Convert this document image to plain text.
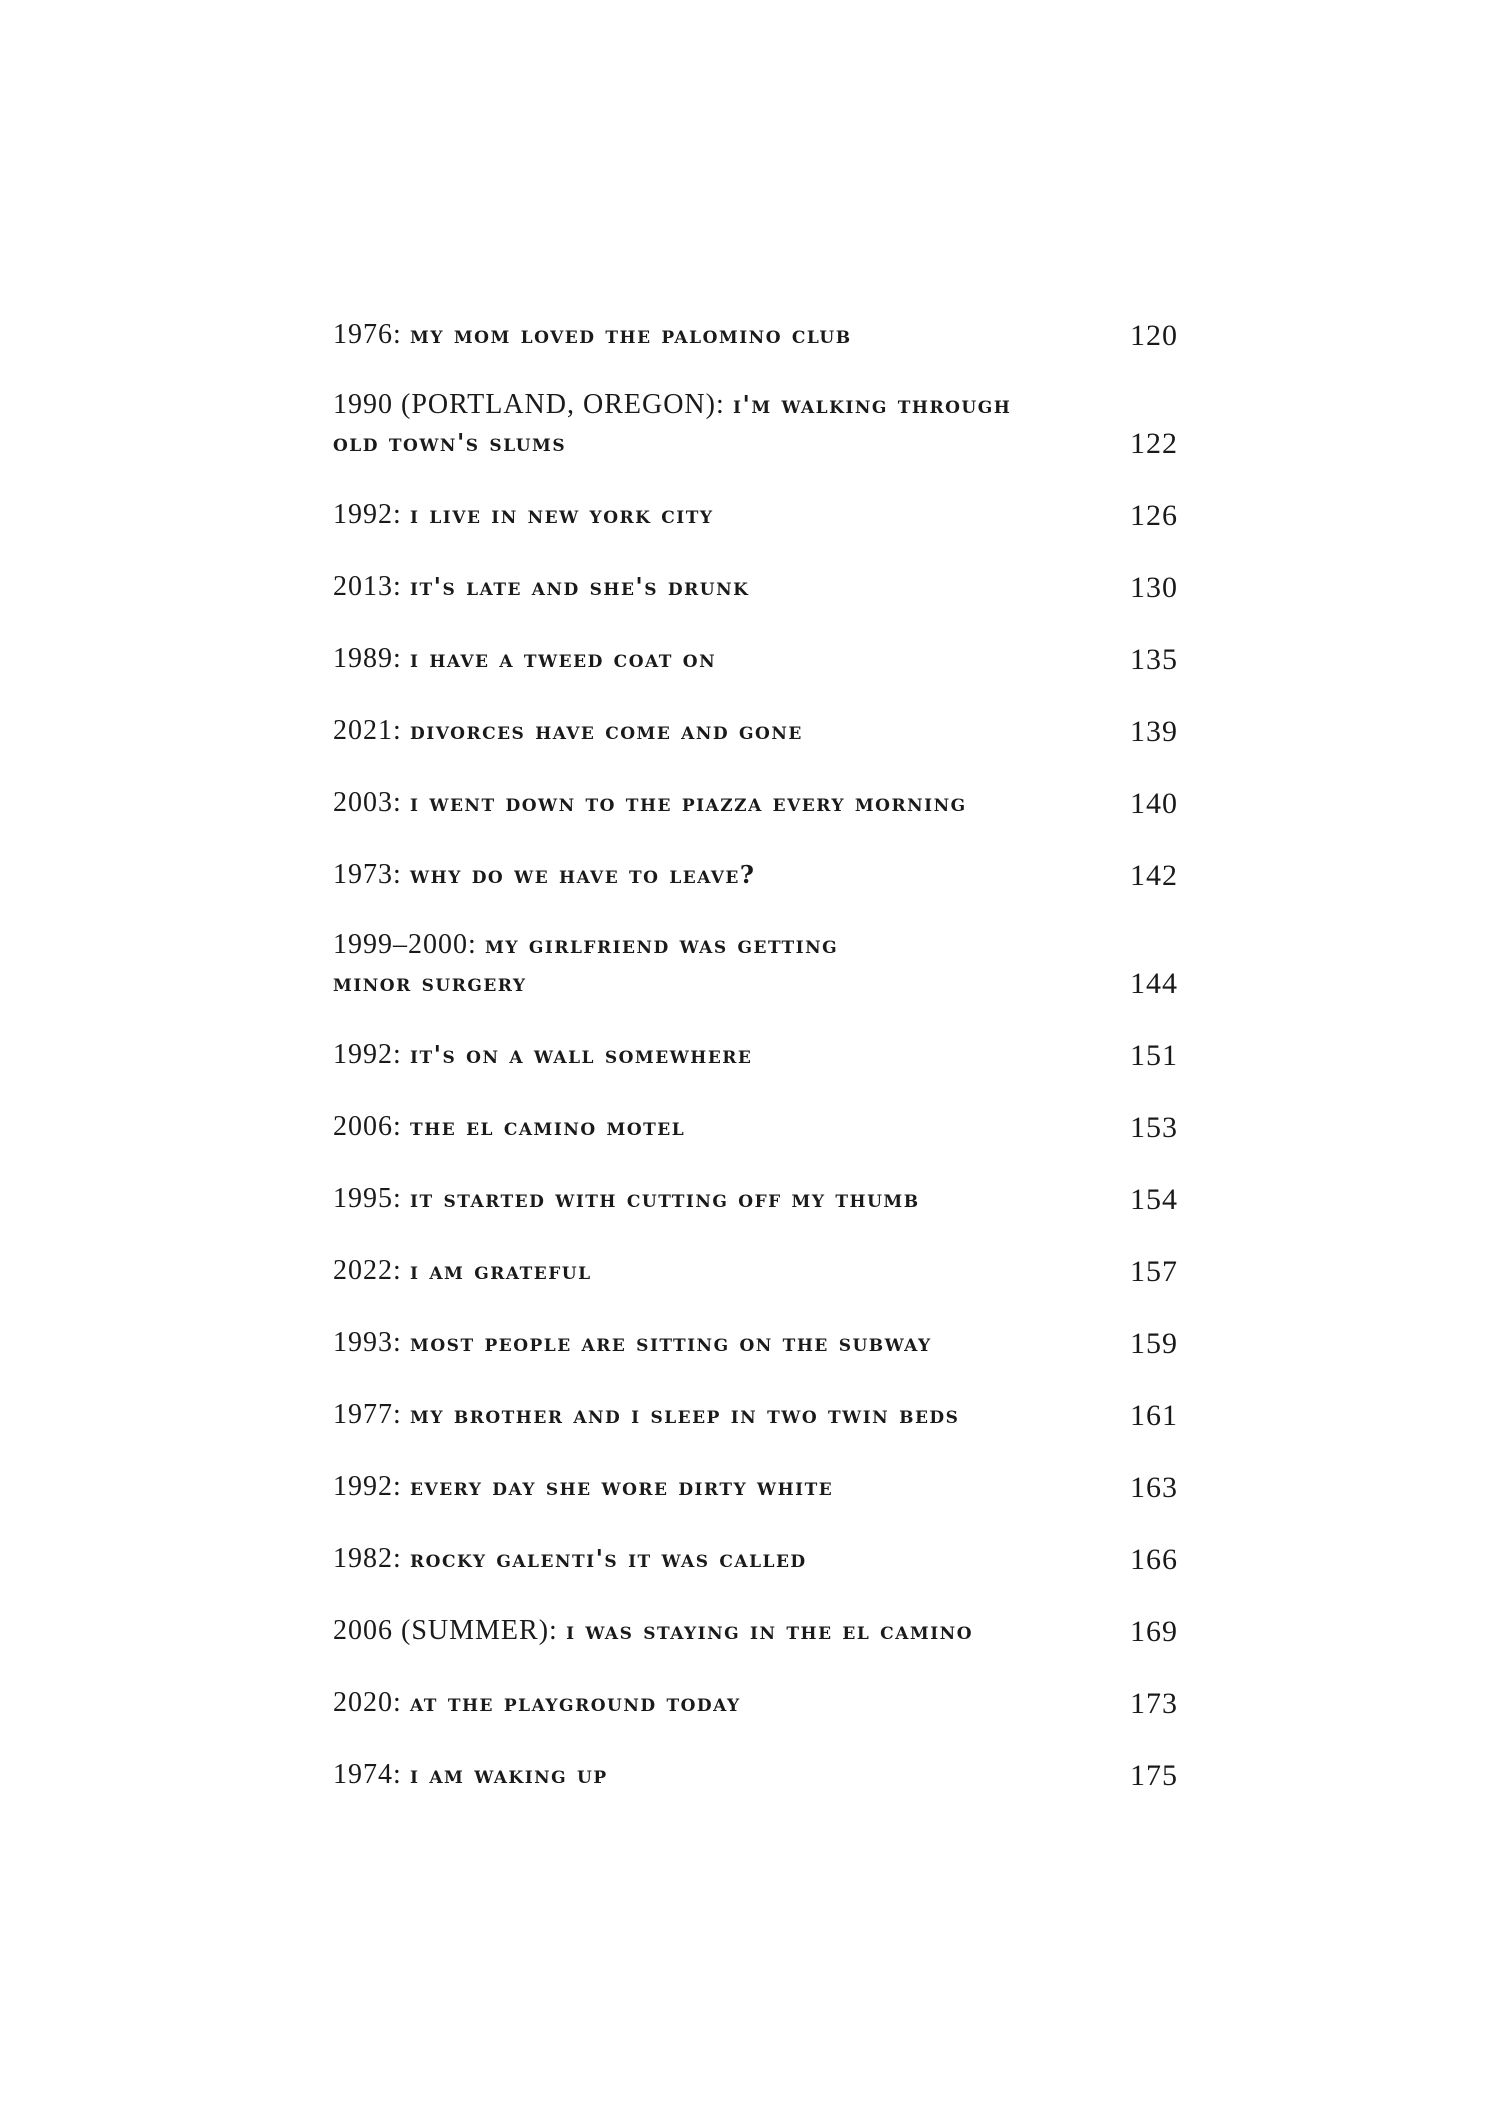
1976: my mom loved the palomino club	120
1990 (PORTLAND, OREGON): i'm walking through
old town's slums	122
1992: i live in new york city	126
2013: it's late and she's drunk	130
1989: i have a tweed coat on	135
2021: divorces have come and gone	139
2003: i went down to the piazza every morning	140
1973: why do we have to leave?	142
1999–2000: my girlfriend was getting
minor surgery	144
1992: it's on a wall somewhere	151
2006: the el camino motel	153
1995: it started with cutting off my thumb	154
2022: i am grateful	157
1993: most people are sitting on the subway	159
1977: my brother and i sleep in two twin beds	161
1992: every day she wore dirty white	163
1982: rocky galenti's it was called	166
2006 (SUMMER): i was staying in the el camino	169
2020: at the playground today	173
1974: i am waking up	175
